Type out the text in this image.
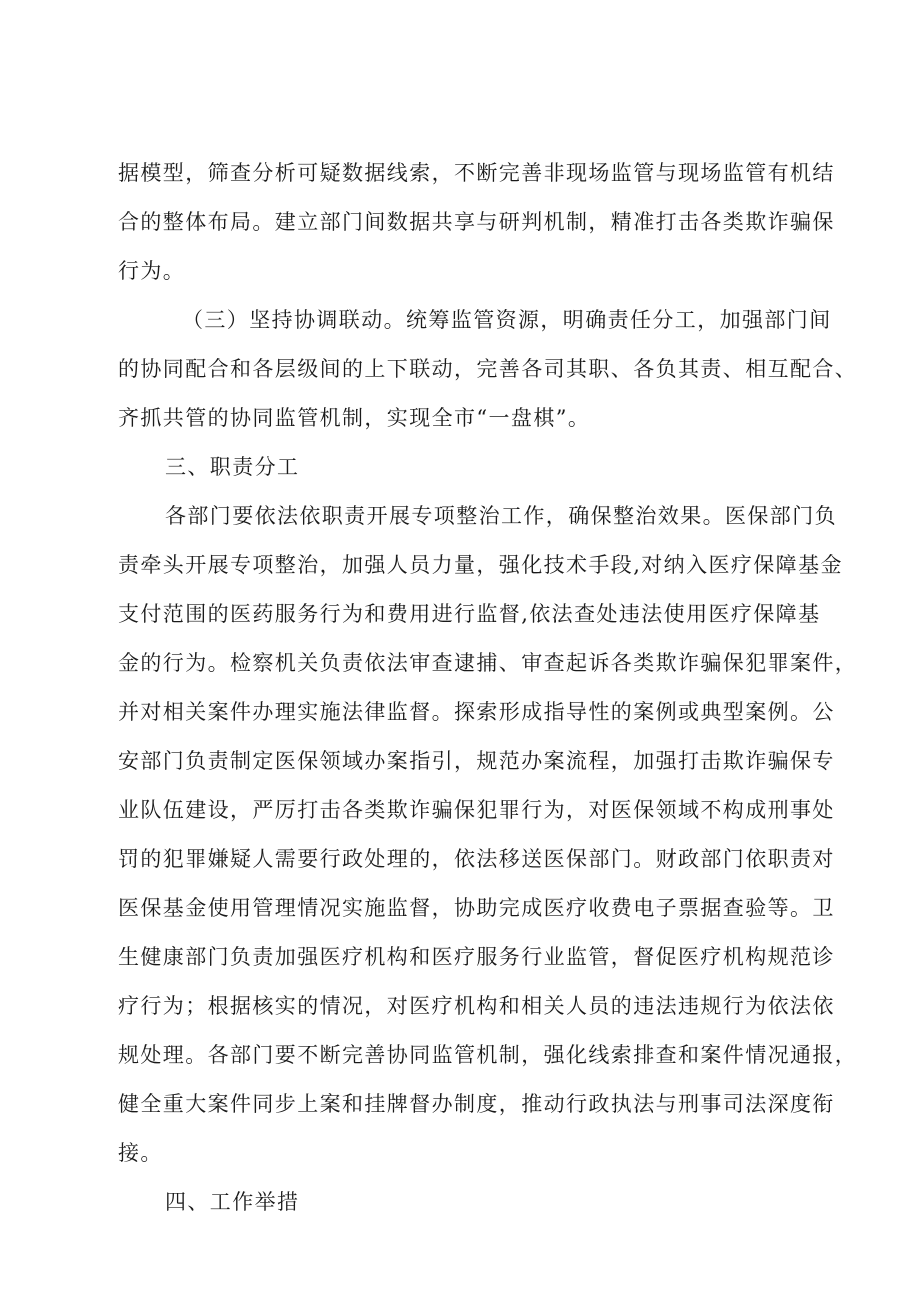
据模型，筛查分析可疑数据线索，不断完善非现场监管与现场监管有机结
合的整体布局。建立部门间数据共享与研判机制，精准打击各类欺诈骗保
行为。
（三）坚持协调联动。统筹监管资源，明确责任分工，加强部门间
的协同配合和各层级间的上下联动，完善各司其职、各负其责、相互配合、
齐抓共管的协同监管机制，实现全市“一盘棋”。
三、职责分工
各部门要依法依职责开展专项整治工作，确保整治效果。医保部门负
责牵头开展专项整治，加强人员力量，强化技术手段,对纳入医疗保障基金
支付范围的医药服务行为和费用进行监督,依法查处违法使用医疗保障基
金的行为。检察机关负责依法审查逮捕、审查起诉各类欺诈骗保犯罪案件，
并对相关案件办理实施法律监督。探索形成指导性的案例或典型案例。公
安部门负责制定医保领域办案指引，规范办案流程，加强打击欺诈骗保专
业队伍建设，严厉打击各类欺诈骗保犯罪行为，对医保领域不构成刑事处
罚的犯罪嫌疑人需要行政处理的，依法移送医保部门。财政部门依职责对
医保基金使用管理情况实施监督，协助完成医疗收费电子票据查验等。卫
生健康部门负责加强医疗机构和医疗服务行业监管，督促医疗机构规范诊
疗行为；根据核实的情况，对医疗机构和相关人员的违法违规行为依法依
规处理。各部门要不断完善协同监管机制，强化线索排查和案件情况通报，
健全重大案件同步上案和挂牌督办制度，推动行政执法与刑事司法深度衔
接。
四、工作举措
